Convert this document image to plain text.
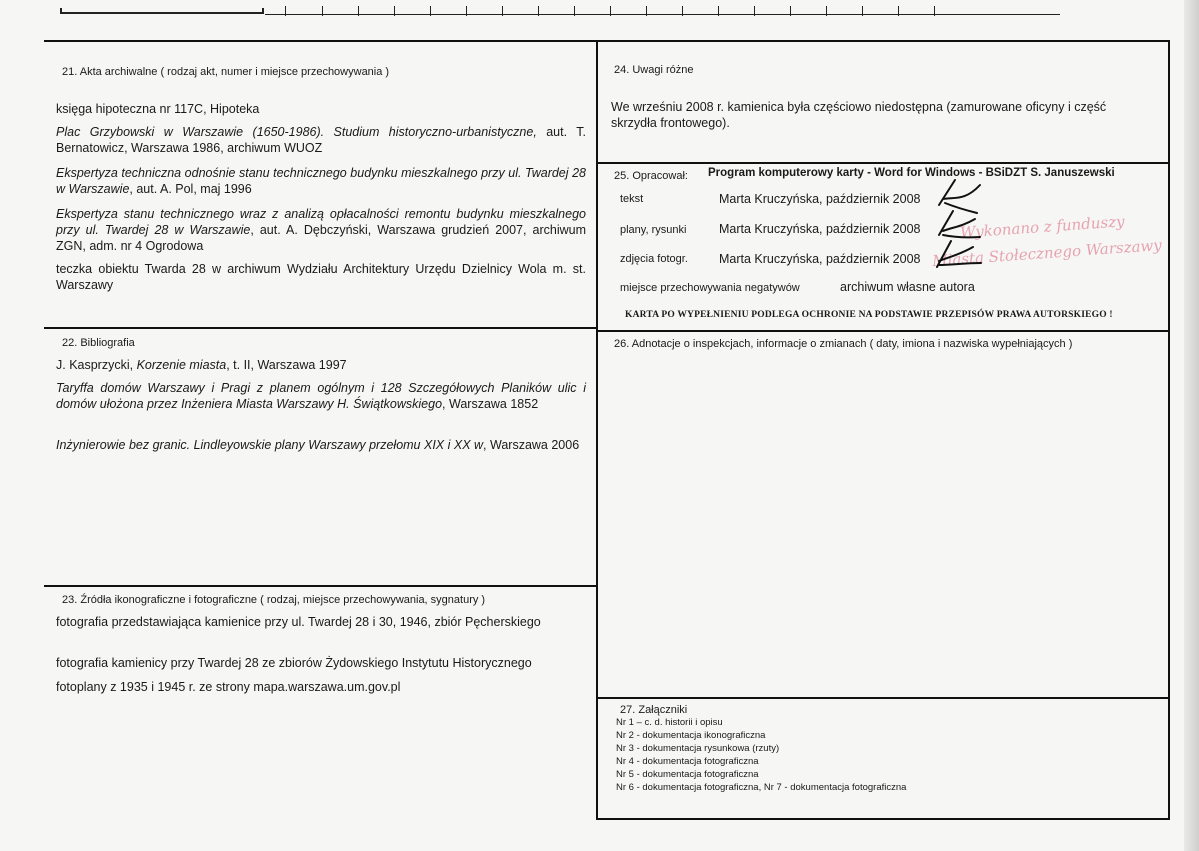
21. Akta archiwalne ( rodzaj akt, numer i miejsce przechowywania )
księga hipoteczna nr 117C, Hipoteka
Plac Grzybowski w Warszawie (1650-1986). Studium historyczno-urbanistyczne, aut. T. Bernatowicz, Warszawa 1986, archiwum WUOZ
Ekspertyza techniczna odnośnie stanu technicznego budynku mieszkalnego przy ul. Twardej 28 w Warszawie, aut. A. Pol, maj 1996
Ekspertyza stanu technicznego wraz z analizą opłacalności remontu budynku mieszkalnego przy ul. Twardej 28 w Warszawie, aut. A. Dębczyński, Warszawa grudzień 2007, archiwum ZGN, adm. nr 4 Ogrodowa
teczka obiektu Twarda 28 w archiwum Wydziału Architektury Urzędu Dzielnicy Wola m. st. Warszawy
22. Bibliografia
J. Kasprzycki, Korzenie miasta, t. II, Warszawa 1997
Taryffa domów Warszawy i Pragi z planem ogólnym i 128 Szczegółowych Planików ulic i domów ułożona przez Inżeniera Miasta Warszawy H. Świątkowskiego, Warszawa 1852
Inżynierowie bez granic. Lindleyowskie plany Warszawy przełomu XIX i XX w, Warszawa 2006
23. Źródła ikonograficzne i fotograficzne ( rodzaj, miejsce przechowywania, sygnatury )
fotografia przedstawiająca kamienice przy ul. Twardej 28 i 30, 1946, zbiór Pęcherskiego
fotografia kamienicy przy Twardej 28 ze zbiorów Żydowskiego Instytutu Historycznego
fotoplany z 1935 i 1945 r. ze strony mapa.warszawa.um.gov.pl
24. Uwagi różne
We wrześniu 2008 r. kamienica była częściowo niedostępna (zamurowane oficyny i część skrzydła frontowego).
25. Opracował: Program komputerowy karty - Word for Windows - BSiDZT S. Januszewski
tekst	Marta Kruczyńska, październik 2008
plany, rysunki	Marta Kruczyńska, październik 2008
zdjęcia fotogr. Marta Kruczyńska, październik 2008
miejsce przechowywania negatywów	archiwum własne autora
KARTA PO WYPEŁNIENIU PODLEGA OCHRONIE NA PODSTAWIE PRZEPISÓW PRAWA AUTORSKIEGO !
Wykonano z funduszy
Miasta Stołecznego Warszawy
26. Adnotacje o inspekcjach, informacje o zmianach ( daty, imiona i nazwiska wypełniających )
27. Załączniki
Nr 1 – c. d. historii i opisu
Nr 2 - dokumentacja ikonograficzna
Nr 3 - dokumentacja rysunkowa (rzuty)
Nr 4 - dokumentacja fotograficzna
Nr 5 - dokumentacja fotograficzna
Nr 6 - dokumentacja fotograficzna, Nr 7 - dokumentacja fotograficzna
